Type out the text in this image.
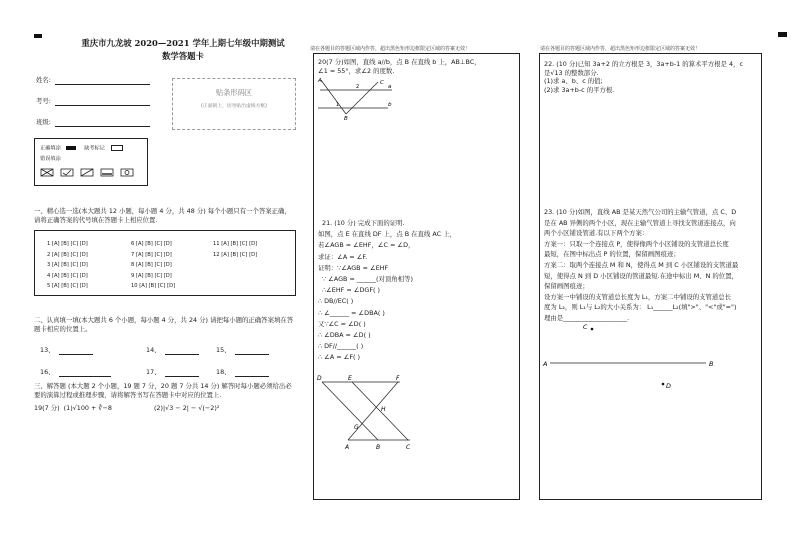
重庆市九龙坡 2020—2021 学年上期七年级中期测试
数学答题卡
姓名:
考号:
班级:
贴条形码区
(正面朝上，切勿贴出虚线方框)
正确填涂	缺考标记
错误填涂
一、精心选一选(本大题共 12 小题，每小题 4 分，共 48 分) 每个小题只有一个答案正确，请将正确答案的代号填在答题卡上相应位置.
1 [A] [B] [C] [D]
2 [A] [B] [C] [D]
3 [A] [B] [C] [D]
4 [A] [B] [C] [D]
5 [A] [B] [C] [D]
6 [A] [B] [C] [D]
7 [A] [B] [C] [D]
8 [A] [B] [C] [D]
9 [A] [B] [C] [D]
10 [A] [B] [C] [D]
11 [A] [B] [C] [D]
12 [A] [B] [C] [D]
二、认真填一填(本大题共 6 个小题，每小题 4 分，共 24 分) 请把每小题的正确答案填在答题卡相应的位置上。
13、	14、	15、
16、	17、	18、
三、解答题 (本大题 2 个小题，19 题 7 分，20 题 7 分共 14 分) 解答时每小题必须给出必要的演算过程或推理步骤，请将解答书写在答题卡中对应的位置上.
19(7 分) (1)√100 + ∛−8	(2)|√3 − 2| − √(−2)²
请在各题目的答题区域内作答，超出黑色矩形边框限定区域的答案无效！
20(7 分)如图，直线 a//b，点 B 在直线 b 上，AB⊥BC，
∠1 = 55°，求∠2 的度数.
A	C
a
b
B
1
2
21. (10 分) 完成下面的证明.
如图，点 E 在直线 DF 上，点 B 在直线 AC 上，
若∠AGB = ∠EHF，∠C = ∠D，
求证：∠A = ∠F.
证明：∵∠AGB = ∠EHF
∵ ∠AGB = ______(对顶角相等)
∴∠EHF = ∠DGF( )
∴ DB//EC( )
∴ ∠______ = ∠DBA( )
又∵∠C = ∠D( )
∴ ∠DBA = ∠D( )
∴ DF//______( )
∴ ∠A = ∠F( )
D	E	F
H
G
A	B	C
请在各题目的答题区域内作答，超出黑色矩形边框限定区域的答案无效！
22. (10 分)已知 3a+2 的立方根是 3，3a+b-1 的算术平方根是 4，c
是√13 的整数部分.
(1)求 a、b、c 的值;
(2)求 3a+b-c 的平方根.
23. (10 分)如图，直线 AB 是某天然气公司的主输气管道，点 C、D
是在 AB 异侧的两个小区，现在主输气管道上寻找支管道连接点，向
两个小区铺设管道.有以下两个方案：
方案一：只取一个连接点 P，使得像两个小区铺设的支管道总长度
最短，在图中标出点 P 的位置，保留画图痕迹；
方案二：取两个连接点 M 和 N，使得点 M 到 C 小区铺设的支管道最
短，使得点 N 到 D 小区铺设的管道最短.在途中标出 M、N 的位置，
保留画图痕迹；
设方案一中铺设的支管道总长度为 L₁，方案二中铺设的支管道总长
度为 L₂，则 L₁与 L₂的大小关系为： L₁______L₂(填">"、"<"或"=")
理由是____________________.
A	B
C
D
